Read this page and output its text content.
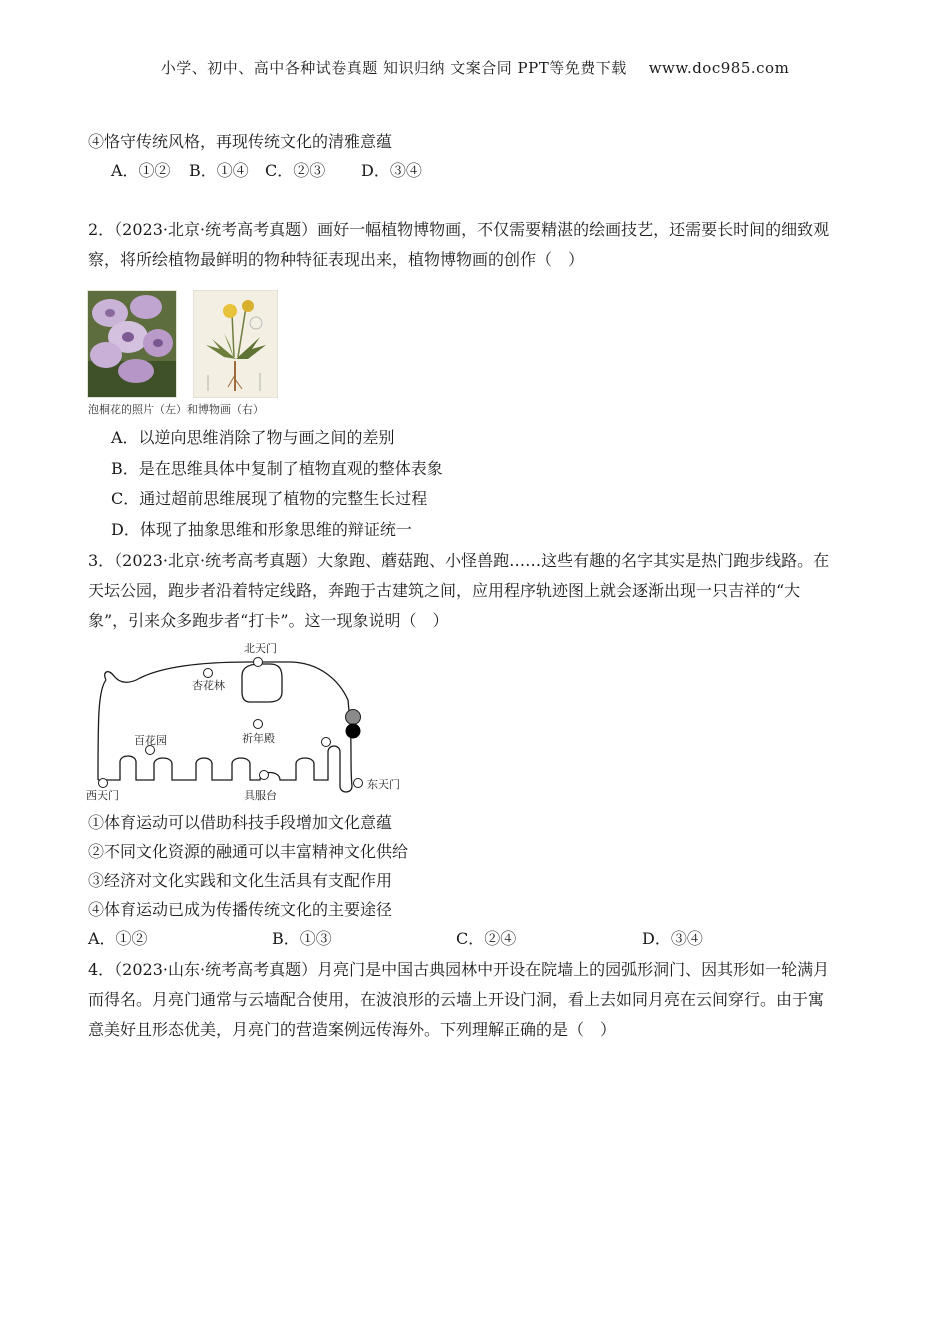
小学、初中、高中各种试卷真题 知识归纳 文案合同 PPT等免费下载 www.doc985.com
④恪守传统风格，再现传统文化的清雅意蕴
A．①② B．①④ C．②③ D．③④
2．（2023·北京·统考高考真题）画好一幅植物博物画，不仅需要精湛的绘画技艺，还需要长时间的细致观
察，将所绘植物最鲜明的物种特征表现出来，植物博物画的创作（　）
泡桐花的照片（左）和博物画（右）
A．以逆向思维消除了物与画之间的差别
B．是在思维具体中复制了植物直观的整体表象
C．通过超前思维展现了植物的完整生长过程
D．体现了抽象思维和形象思维的辩证统一
3．（2023·北京·统考高考真题）大象跑、蘑菇跑、小怪兽跑……这些有趣的名字其实是热门跑步线路。在
天坛公园，跑步者沿着特定线路，奔跑于古建筑之间，应用程序轨迹图上就会逐渐出现一只吉祥的“大
象”，引来众多跑步者“打卡”。这一现象说明（　）
北天门
杏花林
百花园	祈年殿
西天门	具服台
东天门
①体育运动可以借助科技手段增加文化意蕴
②不同文化资源的融通可以丰富精神文化供给
③经济对文化实践和文化生活具有支配作用
④体育运动已成为传播传统文化的主要途径
A．①②	B．①③	C．②④	D．③④
4．（2023·山东·统考高考真题）月亮门是中国古典园林中开设在院墙上的园弧形洞门、因其形如一轮满月
而得名。月亮门通常与云墙配合使用，在波浪形的云墙上开设门洞，看上去如同月亮在云间穿行。由于寓
意美好且形态优美，月亮门的营造案例远传海外。下列理解正确的是（　）
